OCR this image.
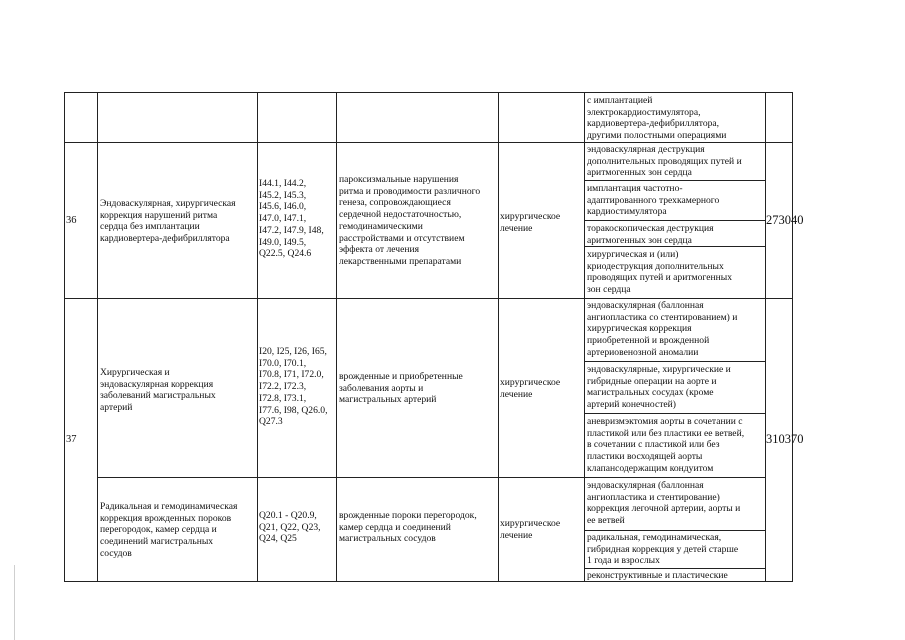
с имплантацией
электрокардиостимулятора,
кардиовертера-дефибриллятора,
другими полостными операциями
36
Эндоваскулярная, хирургическая
коррекция нарушений ритма
сердца без имплантации
кардиовертера-дефибриллятора
I44.1, I44.2,
I45.2, I45.3,
I45.6, I46.0,
I47.0, I47.1,
I47.2, I47.9, I48,
I49.0, I49.5,
Q22.5, Q24.6
пароксизмальные нарушения
ритма и проводимости различного
генеза, сопровождающиеся
сердечной недостаточностью,
гемодинамическими
расстройствами и отсутствием
эффекта от лечения
лекарственными препаратами
хирургическое
лечение
эндоваскулярная деструкция
дополнительных проводящих путей и
аритмогенных зон сердца
имплантация частотно-
адаптированного трехкамерного
кардиостимулятора
торакоскопическая деструкция
аритмогенных зон сердца
хирургическая и (или)
криодеструкция дополнительных
проводящих путей и аритмогенных
зон сердца
273040
37	310370
Хирургическая и
эндоваскулярная коррекция
заболеваний магистральных
артерий
I20, I25, I26, I65,
I70.0, I70.1,
I70.8, I71, I72.0,
I72.2, I72.3,
I72.8, I73.1,
I77.6, I98, Q26.0,
Q27.3
врожденные и приобретенные
заболевания аорты и
магистральных артерий
хирургическое
лечение
эндоваскулярная (баллонная
ангиопластика со стентированием) и
хирургическая коррекция
приобретенной и врожденной
артериовенозной аномалии
эндоваскулярные, хирургические и
гибридные операции на аорте и
магистральных сосудах (кроме
артерий конечностей)
аневризмэктомия аорты в сочетании с
пластикой или без пластики ее ветвей,
в сочетании с пластикой или без
пластики восходящей аорты
клапансодержащим кондуитом
Радикальная и гемодинамическая
коррекция врожденных пороков
перегородок, камер сердца и
соединений магистральных
сосудов
Q20.1 - Q20.9,
Q21, Q22, Q23,
Q24, Q25
врожденные пороки перегородок,
камер сердца и соединений
магистральных сосудов
хирургическое
лечение
эндоваскулярная (баллонная
ангиопластика и стентирование)
коррекция легочной артерии, аорты и
ее ветвей
радикальная, гемодинамическая,
гибридная коррекция у детей старше
1 года и взрослых
реконструктивные и пластические
